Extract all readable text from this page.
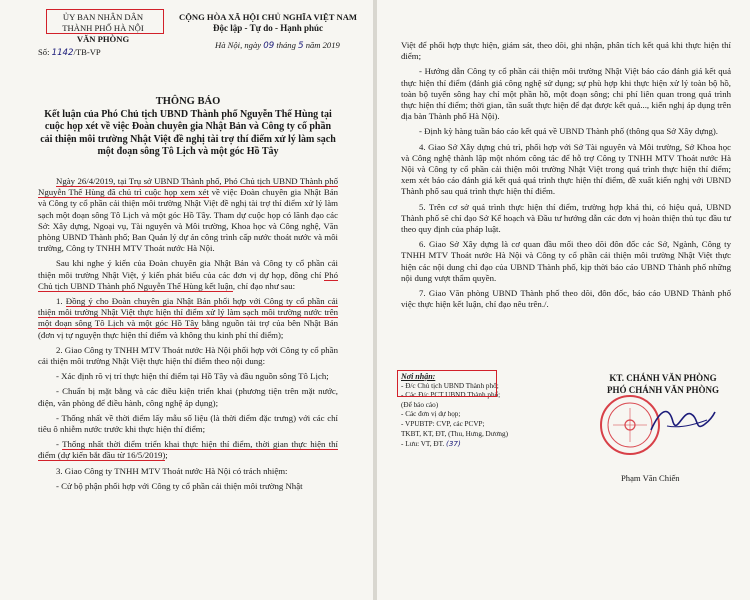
ỦY BAN NHÂN DÂN
THÀNH PHỐ HÀ NỘI
VĂN PHÒNG
Số: 1142/TB-VP
CỘNG HÒA XÃ HỘI CHỦ NGHĨA VIỆT NAM
Độc lập - Tự do - Hạnh phúc
Hà Nội, ngày 09 tháng 5 năm 2019
THÔNG BÁO
Kết luận của Phó Chủ tịch UBND Thành phố Nguyễn Thế Hùng tại cuộc họp xét về việc Đoàn chuyên gia Nhật Bản và Công ty cổ phần cải thiện môi trường Nhật Việt đề nghị tài trợ thí điểm xử lý làm sạch một đoạn sông Tô Lịch và một góc Hồ Tây

Ngày 26/4/2019, tại Trụ sở UBND Thành phố, Phó Chủ tịch UBND Thành phố Nguyễn Thế Hùng đã chủ trì cuộc họp xem xét về việc Đoàn chuyên gia Nhật Bản và Công ty cổ phần cải thiện môi trường Nhật Việt đề nghị tài trợ thí điểm xử lý làm sạch một đoạn sông Tô Lịch và một góc Hồ Tây. Tham dự cuộc họp có lãnh đạo các Sở: Xây dựng, Ngoại vụ, Tài nguyên và Môi trường, Khoa học và Công nghệ, Văn phòng UBND Thành phố; Ban Quản lý dự án công trình cấp nước thoát nước và môi trường, Công ty TNHH MTV Thoát nước Hà Nội.

Sau khi nghe ý kiến của Đoàn chuyên gia Nhật Bản và Công ty cổ phần cải thiện môi trường Nhật Việt, ý kiến phát biểu của các đơn vị dự họp, đồng chí Phó Chủ tịch UBND Thành phố Nguyễn Thế Hùng kết luận, chỉ đạo như sau:

1. Đồng ý cho Đoàn chuyên gia Nhật Bản phối hợp với Công ty cổ phần cải thiện môi trường Nhật Việt thực hiện thí điểm xử lý làm sạch môi trường nước trên một đoạn sông Tô Lịch và một góc Hồ Tây bằng nguồn tài trợ của bên Nhật Bản (đơn vị tự nguyện thực hiện thí điểm và không thu kinh phí thí điểm);

2. Giao Công ty TNHH MTV Thoát nước Hà Nội phối hợp với Công ty cổ phần cải thiện môi trường Nhật Việt thực hiện thí điểm theo nội dung:

- Xác định rõ vị trí thực hiện thí điểm tại Hồ Tây và đầu nguồn sông Tô Lịch;

- Chuẩn bị mặt bằng và các điều kiện triển khai (phương tiện trên mặt nước, điện, văn phòng để điều hành, công nghệ áp dụng);

- Thống nhất về thời điểm lấy mẫu số liệu (là thời điểm đặc trưng) với các chỉ tiêu ô nhiễm nước trước khi thực hiện thí điểm;

- Thống nhất thời điểm triển khai thực hiện thí điểm, thời gian thực hiện thí điểm (dự kiến bắt đầu từ 16/5/2019);

3. Giao Công ty TNHH MTV Thoát nước Hà Nội có trách nhiệm:

- Cử bộ phận phối hợp với Công ty cổ phần cải thiện môi trường Nhật

Việt để phối hợp thực hiện, giám sát, theo dõi, ghi nhận, phân tích kết quả khi thực hiện thí điểm;

- Hướng dẫn Công ty cổ phần cải thiện môi trường Nhật Việt báo cáo đánh giá kết quả thực hiện thí điểm (đánh giá công nghệ sử dụng; sự phù hợp khi thực hiện xử lý toàn bộ hồ, toàn bộ tuyến sông hay chỉ một phần hồ, một đoạn sông; chi phí liên quan trong quá trình thực hiện thí điểm; thời gian, tần suất thực hiện để đạt được kết quả..., kiến nghị áp dụng trên địa bàn Thành phố Hà Nội).

- Định kỳ hàng tuần báo cáo kết quả về UBND Thành phố (thông qua Sở Xây dựng).

4. Giao Sở Xây dựng chủ trì, phối hợp với Sở Tài nguyên và Môi trường, Sở Khoa học và Công nghệ thành lập một nhóm công tác để hỗ trợ Công ty TNHH MTV Thoát nước Hà Nội và Công ty cổ phần cải thiện môi trường Nhật Việt trong quá trình thực hiện thí điểm; xem xét báo cáo đánh giá kết quả quá trình thực hiện thí điểm, đề xuất kiến nghị với UBND Thành phố sau quá trình thực hiện thí điểm.

5. Trên cơ sở quá trình thực hiện thí điểm, trường hợp khả thi, có hiệu quả, UBND Thành phố sẽ chỉ đạo Sở Kế hoạch và Đầu tư hướng dẫn các đơn vị hoàn thiện thủ tục đầu tư theo quy định của pháp luật.

6. Giao Sở Xây dựng là cơ quan đầu mối theo dõi đôn đốc các Sở, Ngành, Công ty TNHH MTV Thoát nước Hà Nội và Công ty cổ phần cải thiện môi trường Nhật Việt thực hiện các nội dung chỉ đạo của UBND Thành phố, kịp thời báo cáo UBND Thành phố những nội dung vượt thẩm quyền.

7. Giao Văn phòng UBND Thành phố theo dõi, đôn đốc, báo cáo UBND Thành phố việc thực hiện kết luận, chỉ đạo nêu trên./.

Nơi nhận:
- Đ/c Chủ tịch UBND Thành phố;
- Các Đ/c PCT UBND Thành phố;
(Để báo cáo)
- Các đơn vị dự họp;
- VPUBTP: CVP, các PCVP;
TKBT, KT, ĐT, (Thu, Hưng, Dương)
- Lưu: VT, ĐT. (37)
KT. CHÁNH VĂN PHÒNG
PHÓ CHÁNH VĂN PHÒNG
Phạm Văn Chiến
